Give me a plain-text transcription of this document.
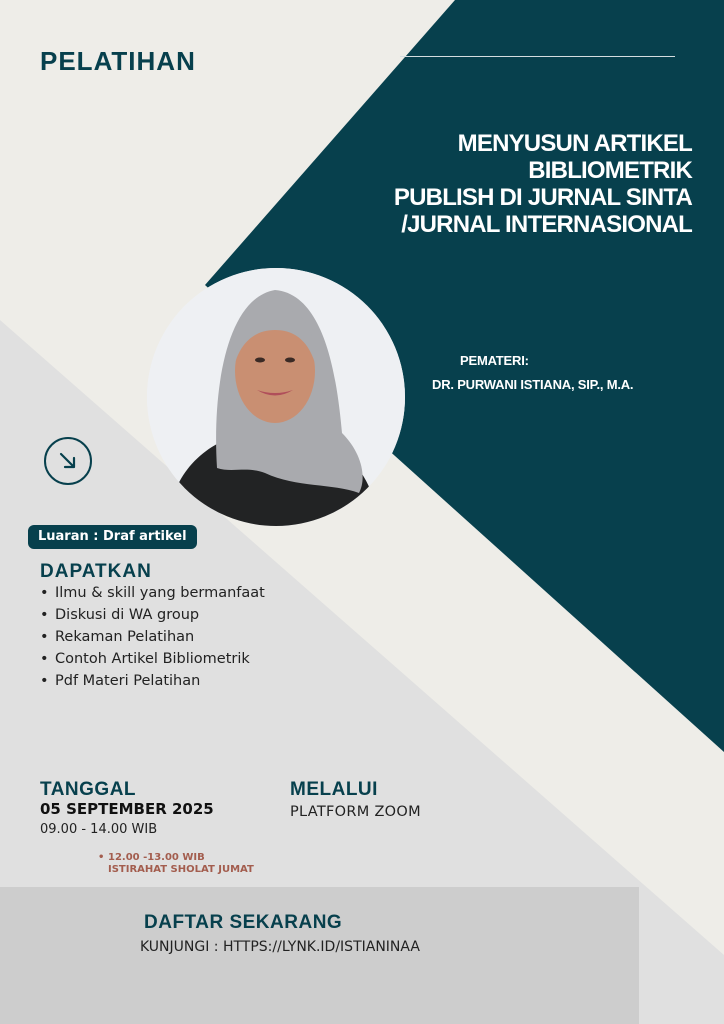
PELATIHAN
MENYUSUN ARTIKEL
BIBLIOMETRIK
PUBLISH DI JURNAL SINTA
/JURNAL INTERNASIONAL
PEMATERI:
DR. PURWANI ISTIANA, SIP., M.A.
Luaran : Draf artikel
DAPATKAN
• Ilmu & skill yang bermanfaat
• Diskusi di WA group
• Rekaman Pelatihan
• Contoh Artikel Bibliometrik
• Pdf Materi Pelatihan
TANGGAL
05 SEPTEMBER 2025
09.00 - 14.00 WIB
• 12.00 -13.00 WIB
ISTIRAHAT SHOLAT JUMAT
MELALUI
PLATFORM ZOOM
DAFTAR SEKARANG
KUNJUNGI : HTTPS://LYNK.ID/ISTIANINAA
